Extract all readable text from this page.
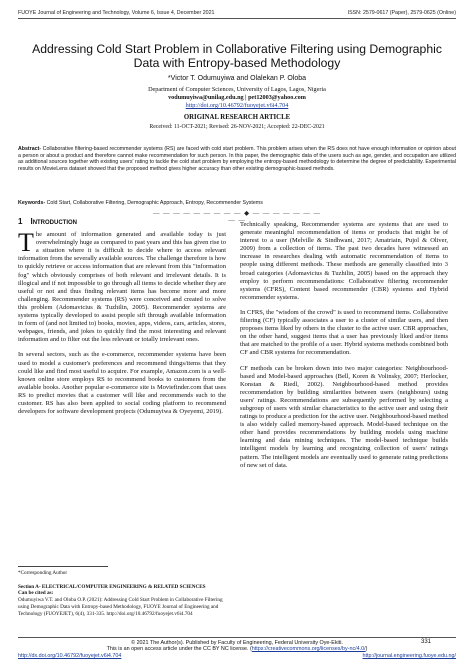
FUOYE Journal of Engineering and Technology, Volume 6, Issue 4, December 2021	ISSN: 2579-0617 (Paper), 2579-0625 (Online)
Addressing Cold Start Problem in Collaborative Filtering using Demographic Data with Entropy-based Methodology
*Victor T. Odumuyiwa and Olalekan P. Oloba
Department of Computer Sciences, University of Lagos, Lagos, Nigeria
vodumuyiwa@unilag.edu.ng | pet12003@yahoo.com
http://doi.org/10.46792/fuoyejet.v6i4.704
ORIGINAL RESEARCH ARTICLE
Received: 11-OCT-2021; Revised: 26-NOV-2021; Accepted: 22-DEC-2021
Abstract- Collaborative filtering-based recommender systems (RS) are faced with cold start problem. This problem arises when the RS does not have enough information or opinion about a person or about a product and therefore cannot make recommendation for such person. In this paper, the demographic data of the users such as age, gender, and occupation are utilized as additional sources together with existing users' rating to tackle the cold start problem by employing the entropy-based methodology to determine the degree of predictability. Experimental results on MovieLens dataset showed that the proposed method gives higher accuracy than other existing demographic-based methods.
Keywords- Cold Start, Collaborative Filtering, Demographic Approach, Entropy, Recommender Systems
— — — — — — — — — ◆ — — — — — — — — —
1 INTRODUCTION

The amount of information generated and available today is just overwhelmingly huge as compared to past years and this has given rise to a situation where it is difficult to decide where to access relevant information from the severally available sources. The challenge therefore is how to quickly retrieve or access information that are relevant from this "information fog" which obviously comprises of both relevant and irrelevant details. It is illogical and if not impossible to go through all items to decide whether they are useful or not and thus finding relevant items has become more and more challenging. Recommender systems (RS) were conceived and created to solve this problem (Adomavicius & Tuzhilin, 2005). Recommender systems are systems typically developed to assist people sift through available information in form of (and not limited to) books, movies, apps, videos, cars, articles, stores, webpages, friends, and jokes to quickly find the most interesting and relevant information and to filter out the less relevant or totally irrelevant ones.

In several sectors, such as the e-commerce, recommender systems have been used to model a customer's preferences and recommend things/items that they could like and find most useful to acquire. For example, Amazon.com is a well-known online store employs RS to recommend books to customers from the available books. Another popular e-commerce site is Moviefinder.com that uses RS to predict movies that a customer will like and recommends such to the customer. RS has also been applied to social coding platform to recommend developers for software development projects (Odumuyiwa & Oyeyemi, 2019).

Technically speaking, Recommender systems are systems that are used to generate meaningful recommendation of items or products that might be of interest to a user (Melville & Sindhwani, 2017; Amatriain, Pujol & Oliver, 2009) from a collection of items. The past two decades have witnessed an increase in researches dealing with automatic recommendation of items to people using different methods. These methods are generally classified into 3 broad categories (Adomavicius & Tuzhilin, 2005) based on the approach they employ to perform recommendations: Collaborative filtering recommender systems (CFRS), Content based recommender (CBR) systems and Hybrid recommender systems.

In CFRS, the "wisdom of the crowd" is used to recommend items. Collaborative filtering (CF) typically associates a user to a cluster of similar users, and then proposes items liked by others in the cluster to the active user. CBR approaches, on the other hand, suggest items that a user has previously liked and/or items that are matched to the profile of a user. Hybrid systems methods combined both CF and CBR systems for recommendation.

CF methods can be broken down into two major categories: Neighbourhood-based and Model-based approaches (Bell, Koren & Volinsky, 2007; Herlocker, Konstan & Riedl, 2002). Neighbourhood-based method provides recommendation by building similarities between users (neighbours) using users' ratings. Recommendations are subsequently performed by selecting a subgroup of users with similar characteristics to the active user and using their ratings to produce a prediction for the active user. Neighbourhood-based method is also widely called memory-based approach. Model-based technique on the other hand provides recommendations by building models using machine learning and data mining techniques. The model-based technique builds intelligent models by learning and recognizing collection of users' ratings pattern. The intelligent models are eventually used to generate rating predictions of new set of data.

*Corresponding Author
Section A- ELECTRICAL/COMPUTER ENGINEERING & RELATED SCIENCES
Can be cited as:
Odumuyiwa V.T. and Oloba O.P. (2021): Addressing Cold Start Problem in Collaborative Filtering using Demographic Data with Entropy-based Methodology, FUOYE Journal of Engineering and Technology (FUOYEJET), 6(4), 331-335. http://doi.org/10.46792/fuoyejet.v6i4.704
© 2021 The Author(s). Published by Faculty of Engineering, Federal University Oye-Ekiti.
This is an open access article under the CC BY NC license. (https://creativecommons.org/licenses/by-nc/4.0/)
http://dx.doi.org/10.46792/fuoyejet.v6i4.704	http://journal.engineering.fuoye.edu.ng/
331
